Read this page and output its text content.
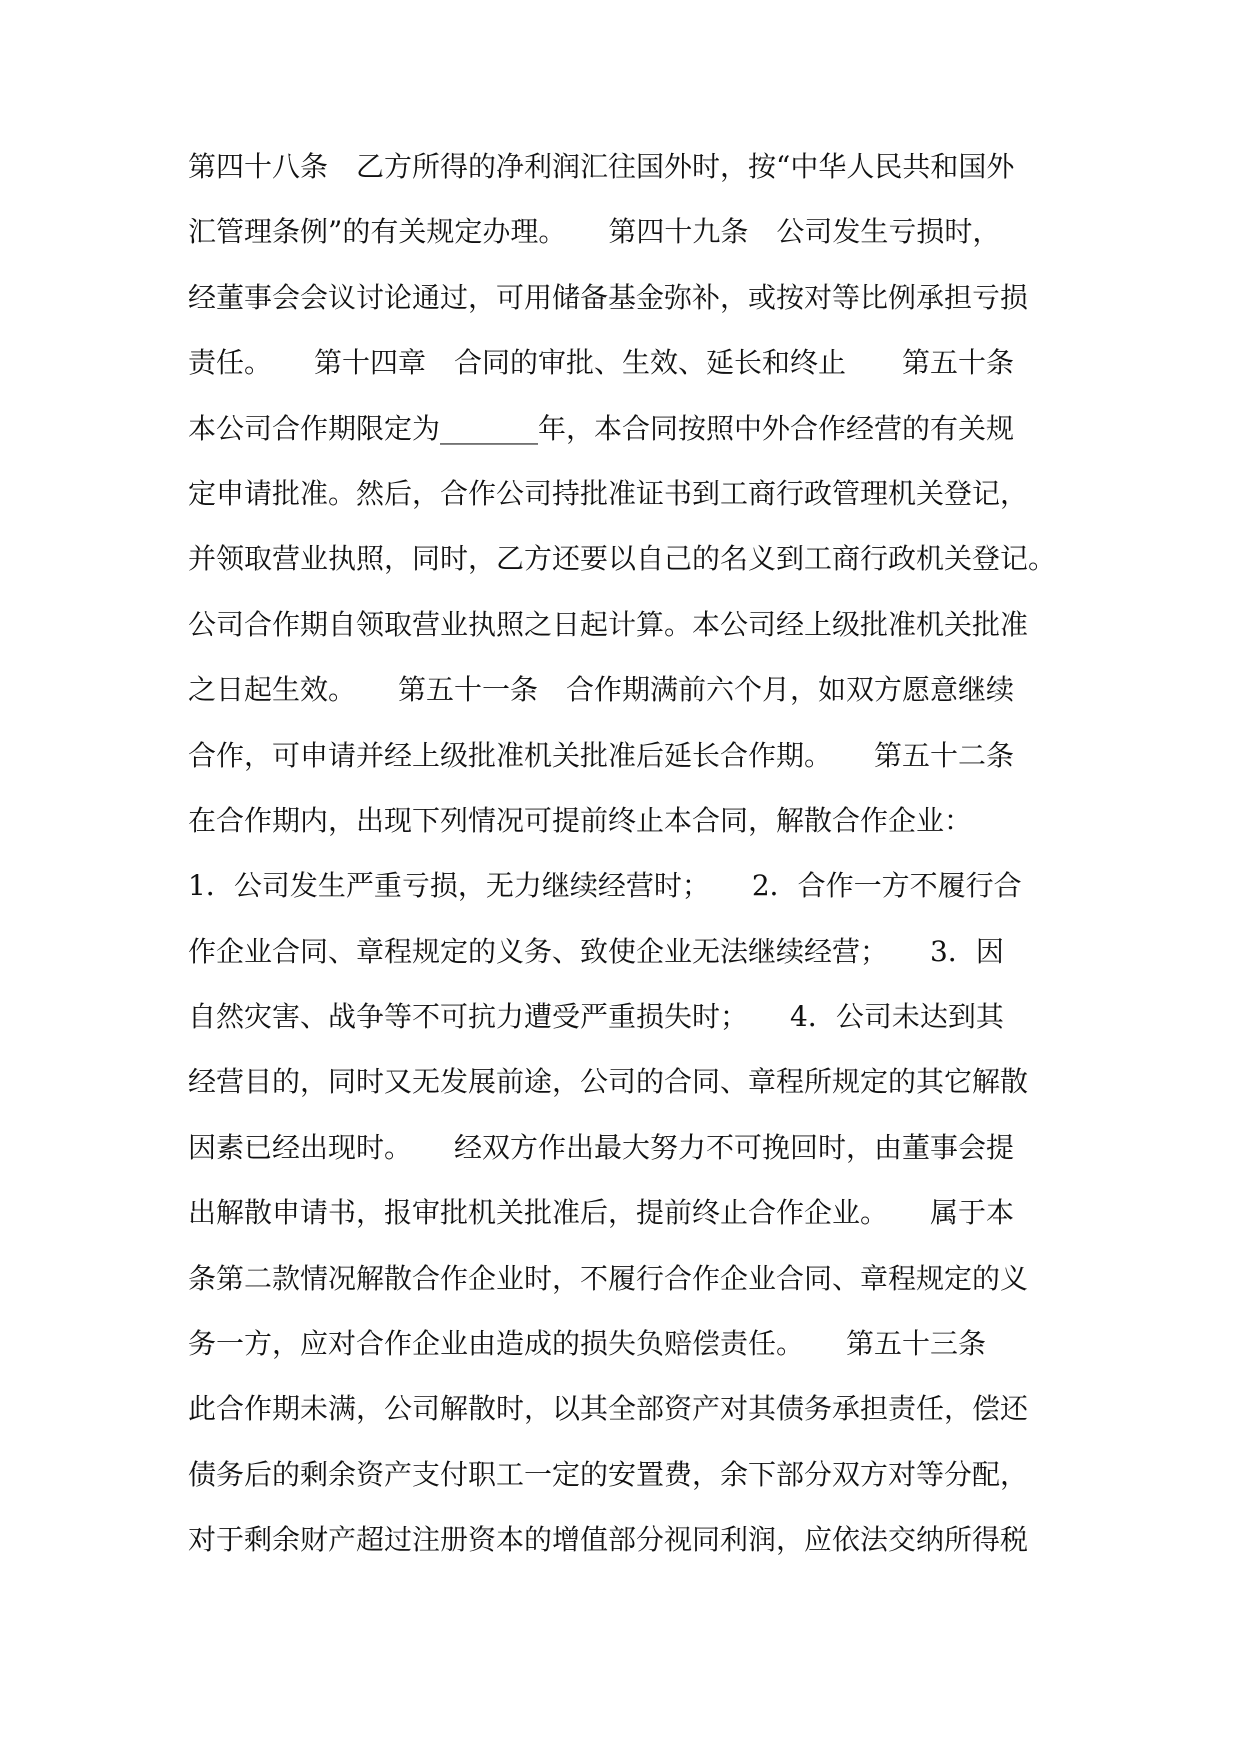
第四十八条　乙方所得的净利润汇往国外时，按“中华人民共和国外
汇管理条例”的有关规定办理。　　第四十九条　公司发生亏损时，
经董事会会议讨论通过，可用储备基金弥补，或按对等比例承担亏损
责任。　　第十四章　合同的审批、生效、延长和终止　　第五十条
本公司合作期限定为_______年，本合同按照中外合作经营的有关规
定申请批准。然后，合作公司持批准证书到工商行政管理机关登记，
并领取营业执照，同时，乙方还要以自己的名义到工商行政机关登记。
公司合作期自领取营业执照之日起计算。本公司经上级批准机关批准
之日起生效。　　第五十一条　合作期满前六个月，如双方愿意继续
合作，可申请并经上级批准机关批准后延长合作期。　　第五十二条
在合作期内，出现下列情况可提前终止本合同，解散合作企业：
1．公司发生严重亏损，无力继续经营时；　　2．合作一方不履行合
作企业合同、章程规定的义务、致使企业无法继续经营；　　3．因
自然灾害、战争等不可抗力遭受严重损失时；　　4．公司未达到其
经营目的，同时又无发展前途，公司的合同、章程所规定的其它解散
因素已经出现时。　　经双方作出最大努力不可挽回时，由董事会提
出解散申请书，报审批机关批准后，提前终止合作企业。　　属于本
条第二款情况解散合作企业时，不履行合作企业合同、章程规定的义
务一方，应对合作企业由造成的损失负赔偿责任。　　第五十三条
此合作期未满，公司解散时，以其全部资产对其债务承担责任，偿还
债务后的剩余资产支付职工一定的安置费，余下部分双方对等分配，
对于剩余财产超过注册资本的增值部分视同利润，应依法交纳所得税
